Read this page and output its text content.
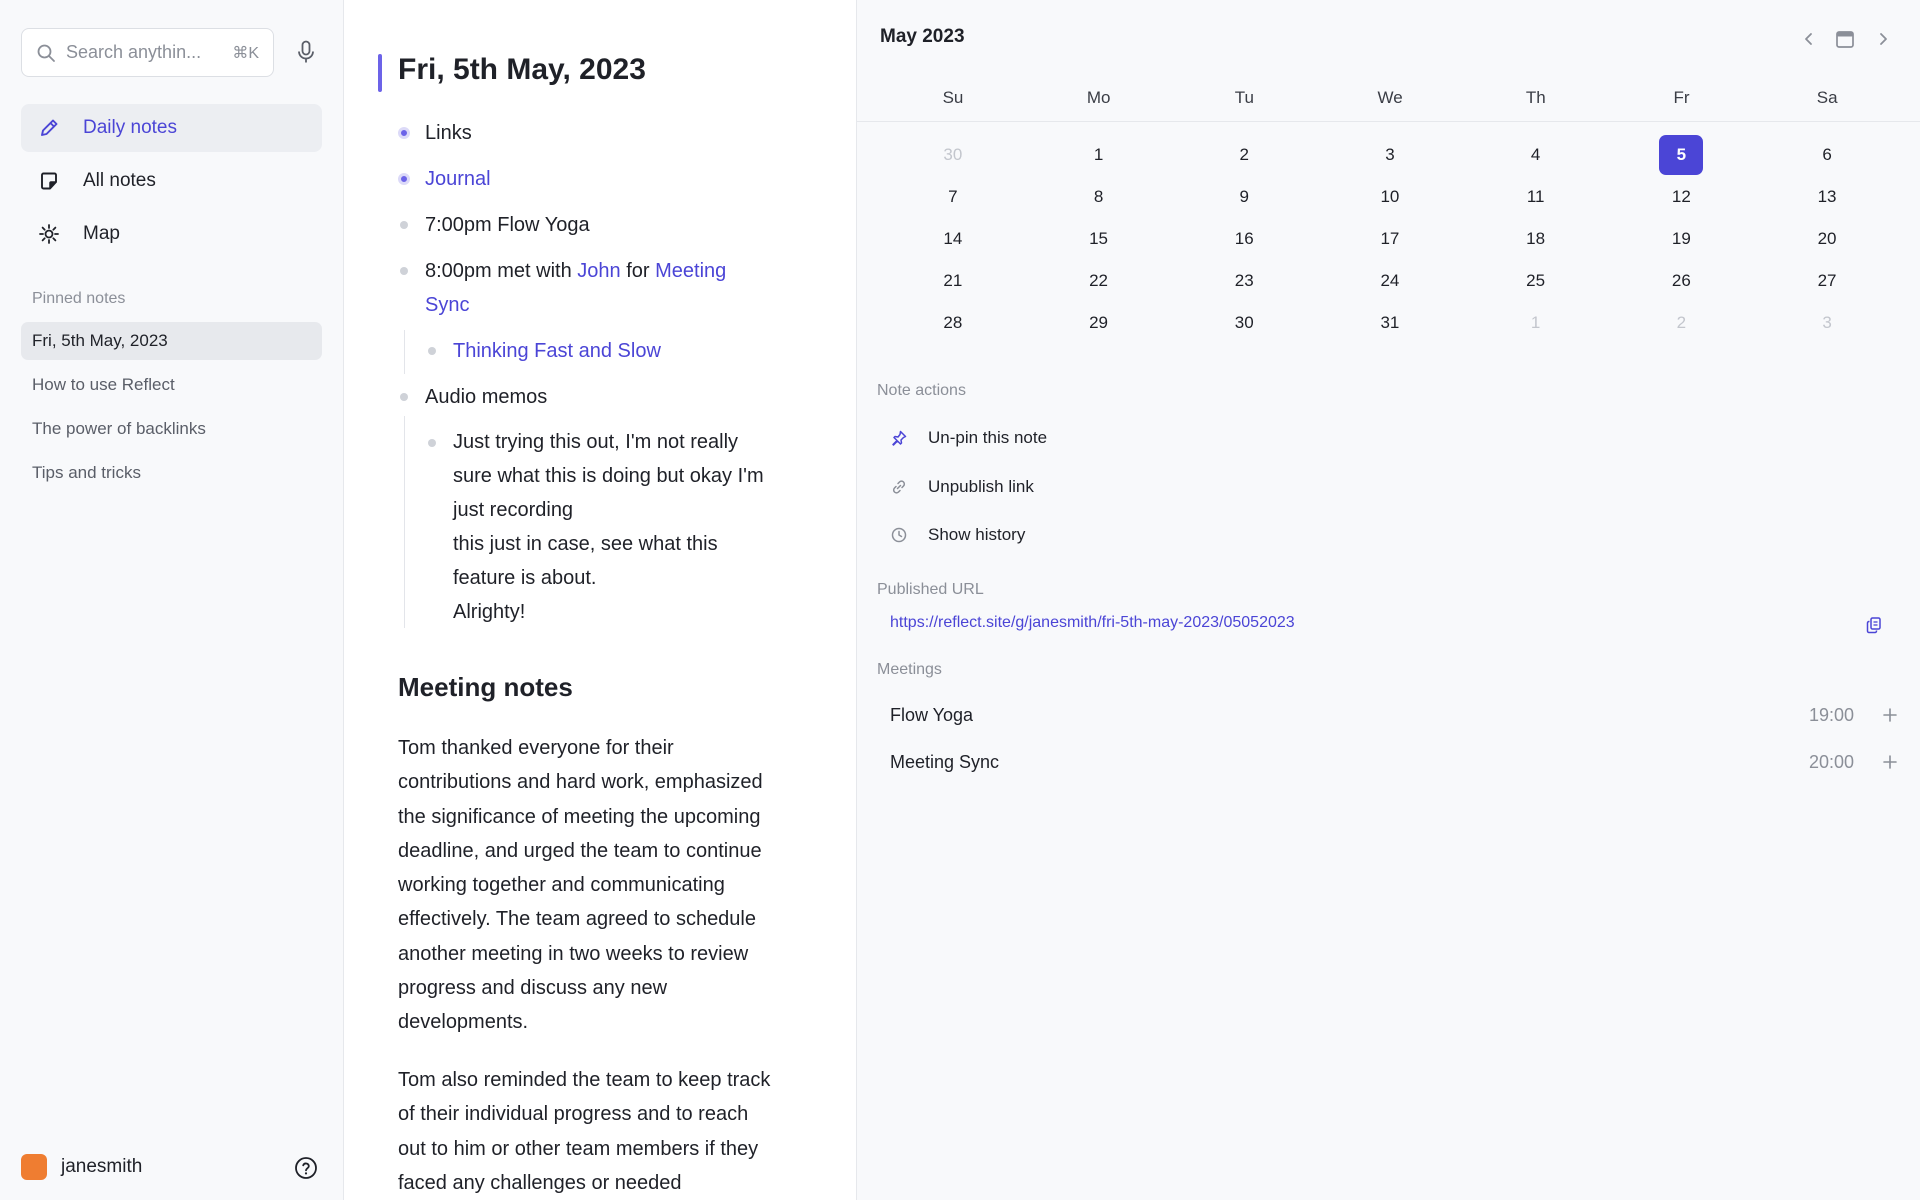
Search anythin...
⌘K
Daily notes
All notes
Map
Pinned notes
Fri, 5th May, 2023
How to use Reflect
The power of backlinks
Tips and tricks
janesmith
Fri, 5th May, 2023
Links
Journal
7:00pm Flow Yoga
8:00pm met with John for Meeting
Sync
Thinking Fast and Slow
Audio memos
Just trying this out, I'm not really
sure what this is doing but okay I'm
just recording
this just in case, see what this
feature is about.
Alrighty!
Meeting notes
Tom thanked everyone for their
contributions and hard work, emphasized
the significance of meeting the upcoming
deadline, and urged the team to continue
working together and communicating
effectively. The team agreed to schedule
another meeting in two weeks to review
progress and discuss any new
developments.
Tom also reminded the team to keep track
of their individual progress and to reach
out to him or other team members if they
faced any challenges or needed
May 2023
Su	Mo	Tu	We	Th	Fr	Sa
30	1	2	3	4	5	6
7	8	9	10	11	12	13
14	15	16	17	18	19	20
21	22	23	24	25	26	27
28	29	30	31	1	2	3
Note actions
Un-pin this note
Unpublish link
Show history
Published URL
https://reflect.site/g/janesmith/fri-5th-may-2023/05052023
Meetings
Flow Yoga	19:00
Meeting Sync	20:00
